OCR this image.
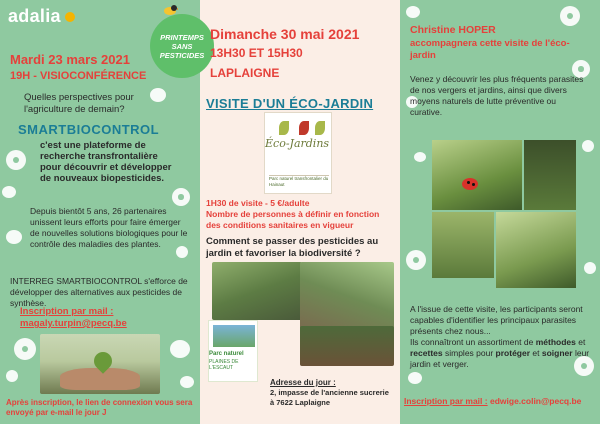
adalia
Mardi 23 mars 2021
19H - VISIOCONFÉRENCE
Quelles perspectives pour l'agriculture de demain?
SMARTBIOCONTROL
c'est une plateforme de recherche transfrontalière pour découvrir et développer de nouveaux biopesticides.
Depuis bientôt 5 ans, 26 partenaires unissent leurs efforts pour faire émerger de nouvelles solutions biologiques pour le contrôle des maladies des plantes.
INTERREG SMARTBIOCONTROL s'efforce de développer des alternatives aux pesticides de synthèse.
Inscription par mail :
magaly.turpin@pecq.be
Après inscription, le lien de connexion vous sera envoyé par e-mail le jour J
PRINTEMPS SANS PESTICIDES
Dimanche 30 mai 2021
13H30 ET 15H30
LAPLAIGNE
VISITE D'UN ÉCO-JARDIN
Éco-Jardins
Parc naturel transfrontalier du Hainaut
1H30 de visite - 5 €/adulte
Nombre de personnes à définir en fonction des conditions sanitaires en vigueur
Comment se passer des pesticides au jardin et favoriser la biodiversité ?
Parc naturel
PLAINES DE L'ESCAUT
Adresse du jour :
2, impasse de l'ancienne sucrerie à 7622 Laplaigne
Christine HOPER
accompagnera cette visite de l'éco-jardin
Venez y découvrir les plus fréquents parasites de nos vergers et jardins, ainsi que divers moyens naturels de lutte préventive ou curative.
A l'issue de cette visite, les participants seront capables d'identifier les principaux parasites présents chez nous...
Ils connaîtront un assortiment de méthodes et recettes simples pour protéger et soigner leur jardin et verger.
Inscription par mail : edwige.colin@pecq.be
